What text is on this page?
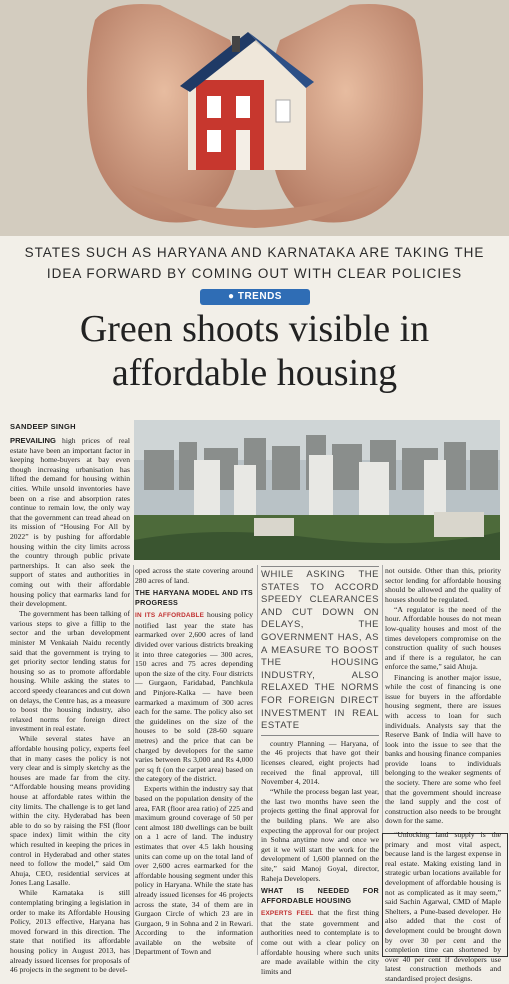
STATES SUCH AS HARYANA AND KARNATAKA ARE TAKING THE IDEA FORWARD BY COMING OUT WITH CLEAR POLICIES
● TRENDS
Green shoots visible in
affordable housing
SANDEEP SINGH

PREVAILING high prices of real estate have been an important factor in keeping home-buyers at bay even though increasing urbanisation has lifted the demand for housing within cities. While unsold inventories have been on a rise and absorption rates continue to remain low, the only way that the government can tread ahead on its mission of “Housing For All by 2022” is by pushing for affordable housing within the city limits across the country through public private partnerships. It can also seek the support of states and authorities in coming out with their affordable housing policy that earmarks land for their development.

The government has been talking of various steps to give a fillip to the sector and the urban development minister M Venkaiah Naidu recently said that the government is trying to get priority sector lending status for housing so as to promote affordable housing. While asking the states to accord speedy clearances and cut down on delays, the Centre has, as a measure to boost the housing industry, also relaxed norms for foreign direct investment in real estate.

While several states have an affordable housing policy, experts feel that in many cases the policy is not very clear and is simply sketchy as the houses are made far from the city. “Affordable housing means providing house at affordable rates within the city limits. The challenge is to get land within the city. Hyderabad has been able to do so by raising the FSI (floor space index) limit within the city which resulted in keeping the prices in control in Hyderabad and other states need to follow the model,” said Om Ahuja, CEO, residential services at Jones Lang Lasalle.

While Karnataka is still contemplating bringing a legislation in order to make its Affordable Housing Policy, 2013 effective, Haryana has moved forward in this direction. The state that notified its affordable housing policy in August 2013, has already issued licenses for proposals of 46 projects in the segment to be devel-

oped across the state covering around 280 acres of land.

THE HARYANA MODEL AND ITS PROGRESS

IN ITS AFFORDABLE housing policy notified last year the state has earmarked over 2,600 acres of land divided over various districts breaking it into three categories — 300 acres, 150 acres and 75 acres depending upon the size of the city. Four districts — Gurgaon, Faridabad, Panchkula and Pinjore-Kalka — have been earmarked a maximum of 300 acres each for the same. The policy also set the guidelines on the size of the houses to be sold (28-60 square metres) and the price that can be charged by developers for the same varies between Rs 3,000 and Rs 4,000 per sq ft (on the carpet area) based on the category of the district.

Experts within the industry say that based on the population density of the area, FAR (floor area ratio) of 225 and maximum ground coverage of 50 per cent almost 180 dwellings can be built on a 1 acre of land. The industry estimates that over 4.5 lakh housing units can come up on the total land of over 2,600 acres earmarked for the affordable housing segment under this policy in Haryana. While the state has already issued licenses for 46 projects across the state, 34 of them are in Gurgaon Circle of which 23 are in Gurgaon, 9 in Sohna and 2 in Rewari. According to the information available on the website of Department of Town and

WHILE ASKING THE STATES TO ACCORD SPEEDY CLEARANCES AND CUT DOWN ON DELAYS, THE GOVERNMENT HAS, AS A MEASURE TO BOOST THE HOUSING INDUSTRY, ALSO RELAXED THE NORMS FOR FOREIGN DIRECT INVESTMENT IN REAL ESTATE

country Planning — Haryana, of the 46 projects that have got their licenses cleared, eight projects had received the final approval, till November 4, 2014.

“While the process began last year, the last two months have seen the projects getting the final approval for the building plans. We are also expecting the approval for our project in Sohna anytime now and once we get it we will start the work for the development of 1,600 planned on the site,” said Manoj Goyal, director, Raheja Developers.

WHAT IS NEEDED FOR AFFORDABLE HOUSING

EXPERTS FEEL that the first thing that the state government and authorities need to contemplate is to come out with a clear policy on affordable housing where such units are made available within the city limits and

not outside. Other than this, priority sector lending for affordable housing should be allowed and the quality of houses should be regulated.

“A regulator is the need of the hour. Affordable houses do not mean low-quality houses and most of the times developers compromise on the construction quality of such houses and if there is a regulator, he can enforce the same,” said Ahuja.

Financing is another major issue, while the cost of financing is one issue for buyers in the affordable housing segment, there are issues with access to loan for such individuals. Analysts say that the Reserve Bank of India will have to look into the issue to see that the banks and housing finance companies provide loans to individuals belonging to the weaker segments of the society. There are some who feel that the government should increase the land supply and the cost of construction also needs to be brought down for the same.

“Unlocking land supply is the primary and most vital aspect, because land is the largest expense in real estate. Making existing land in strategic urban locations available for development of affordable housing is not as complicated as it may seem,” said Sachin Agarwal, CMD of Maple Shelters, a Pune-based developer. He also added that the cost of development could be brought down by over 30 per cent and the completion time can shortened by over 40 per cent if developers use latest construction methods and standardised project designs.
